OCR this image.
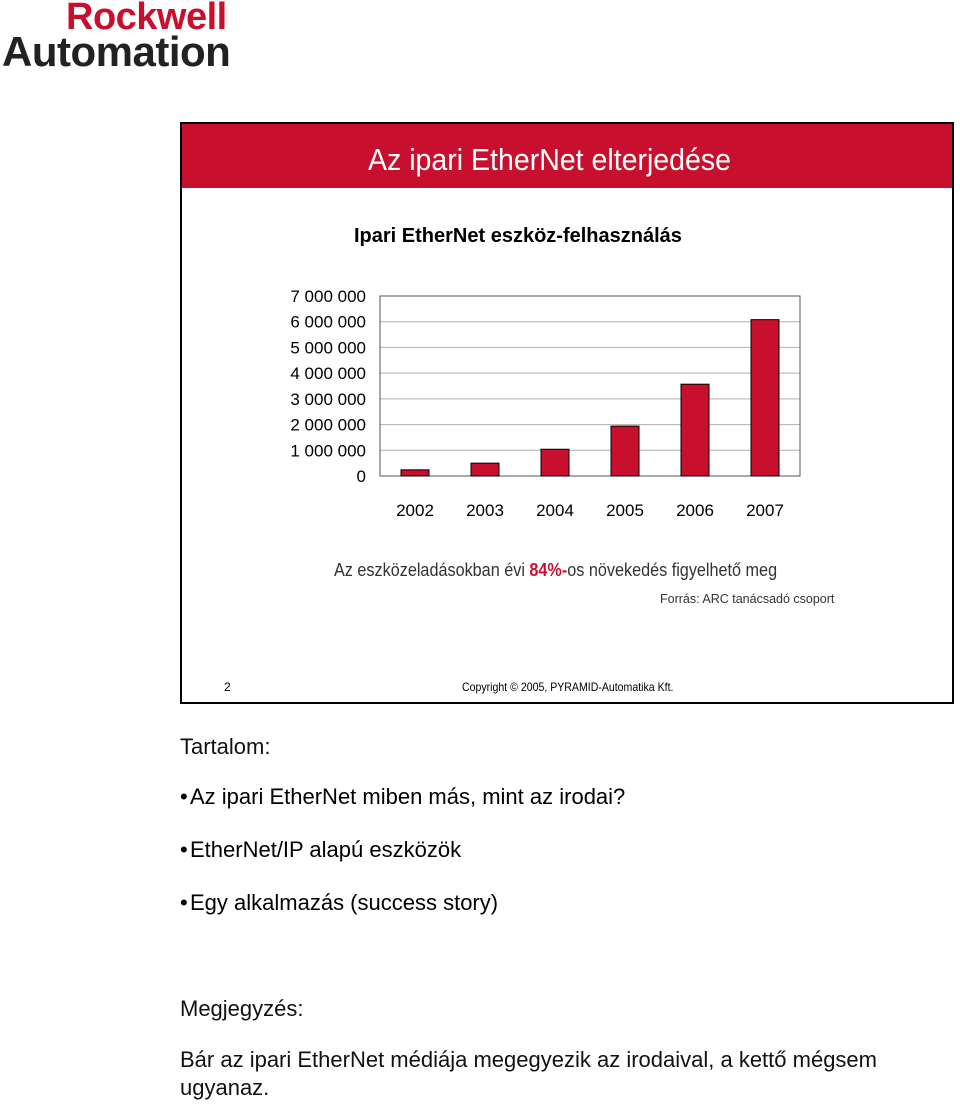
Rockwell
Automation
Az ipari EtherNet elterjedése
Ipari EtherNet eszköz-felhasználás
0
1 000 000
2 000 000
3 000 000
4 000 000
5 000 000
6 000 000
7 000 000
2002 2003 2004 2005 2006 2007
Az eszközeladásokban évi 84%-os növekedés figyelhető meg
Forrás: ARC tanácsadó csoport
2	Copyright © 2005, PYRAMID-Automatika Kft.
Tartalom:
• Az ipari EtherNet miben más, mint az irodai?
• EtherNet/IP alapú eszközök
• Egy alkalmazás (success story)
Megjegyzés:
Bár az ipari EtherNet médiája megegyezik az irodaival, a kettő mégsem ugyanaz.
